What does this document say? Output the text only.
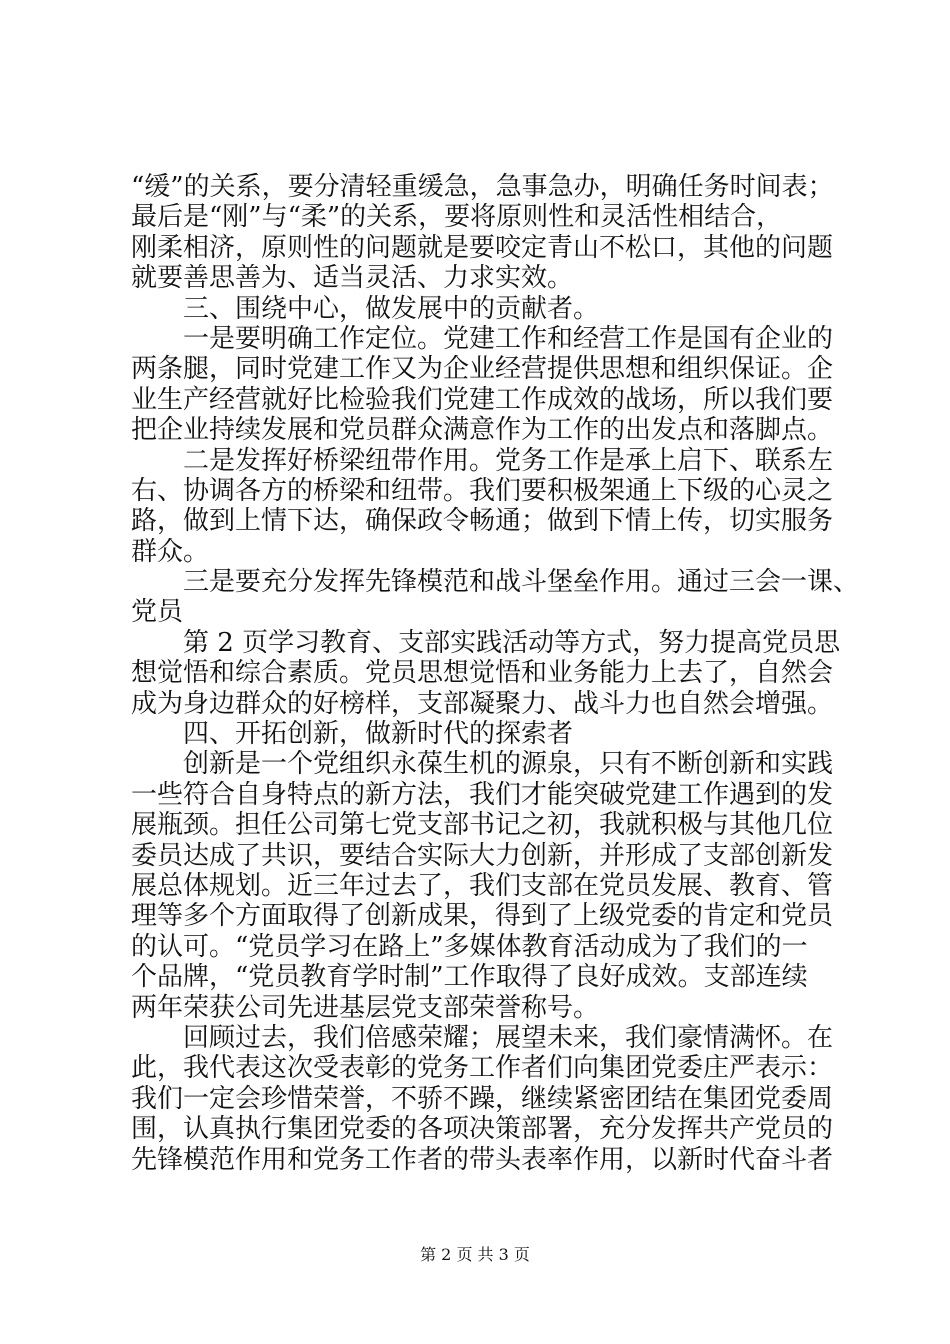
“缓”的关系，要分清轻重缓急，急事急办，明确任务时间表；
最后是“刚”与“柔”的关系，要将原则性和灵活性相结合，
刚柔相济，原则性的问题就是要咬定青山不松口，其他的问题
就要善思善为、适当灵活、力求实效。
三、围绕中心，做发展中的贡献者。
一是要明确工作定位。党建工作和经营工作是国有企业的
两条腿，同时党建工作又为企业经营提供思想和组织保证。企
业生产经营就好比检验我们党建工作成效的战场，所以我们要
把企业持续发展和党员群众满意作为工作的出发点和落脚点。
二是发挥好桥梁纽带作用。党务工作是承上启下、联系左
右、协调各方的桥梁和纽带。我们要积极架通上下级的心灵之
路，做到上情下达，确保政令畅通；做到下情上传，切实服务
群众。
三是要充分发挥先锋模范和战斗堡垒作用。通过三会一课、
党员
第 2 页学习教育、支部实践活动等方式，努力提高党员思
想觉悟和综合素质。党员思想觉悟和业务能力上去了，自然会
成为身边群众的好榜样，支部凝聚力、战斗力也自然会增强。
四、开拓创新，做新时代的探索者
创新是一个党组织永葆生机的源泉，只有不断创新和实践
一些符合自身特点的新方法，我们才能突破党建工作遇到的发
展瓶颈。担任公司第七党支部书记之初，我就积极与其他几位
委员达成了共识，要结合实际大力创新，并形成了支部创新发
展总体规划。近三年过去了，我们支部在党员发展、教育、管
理等多个方面取得了创新成果，得到了上级党委的肯定和党员
的认可。“党员学习在路上”多媒体教育活动成为了我们的一
个品牌，“党员教育学时制”工作取得了良好成效。支部连续
两年荣获公司先进基层党支部荣誉称号。
回顾过去，我们倍感荣耀；展望未来，我们豪情满怀。在
此，我代表这次受表彰的党务工作者们向集团党委庄严表示：
我们一定会珍惜荣誉，不骄不躁，继续紧密团结在集团党委周
围，认真执行集团党委的各项决策部署，充分发挥共产党员的
先锋模范作用和党务工作者的带头表率作用，以新时代奋斗者
第 2 页 共 3 页
